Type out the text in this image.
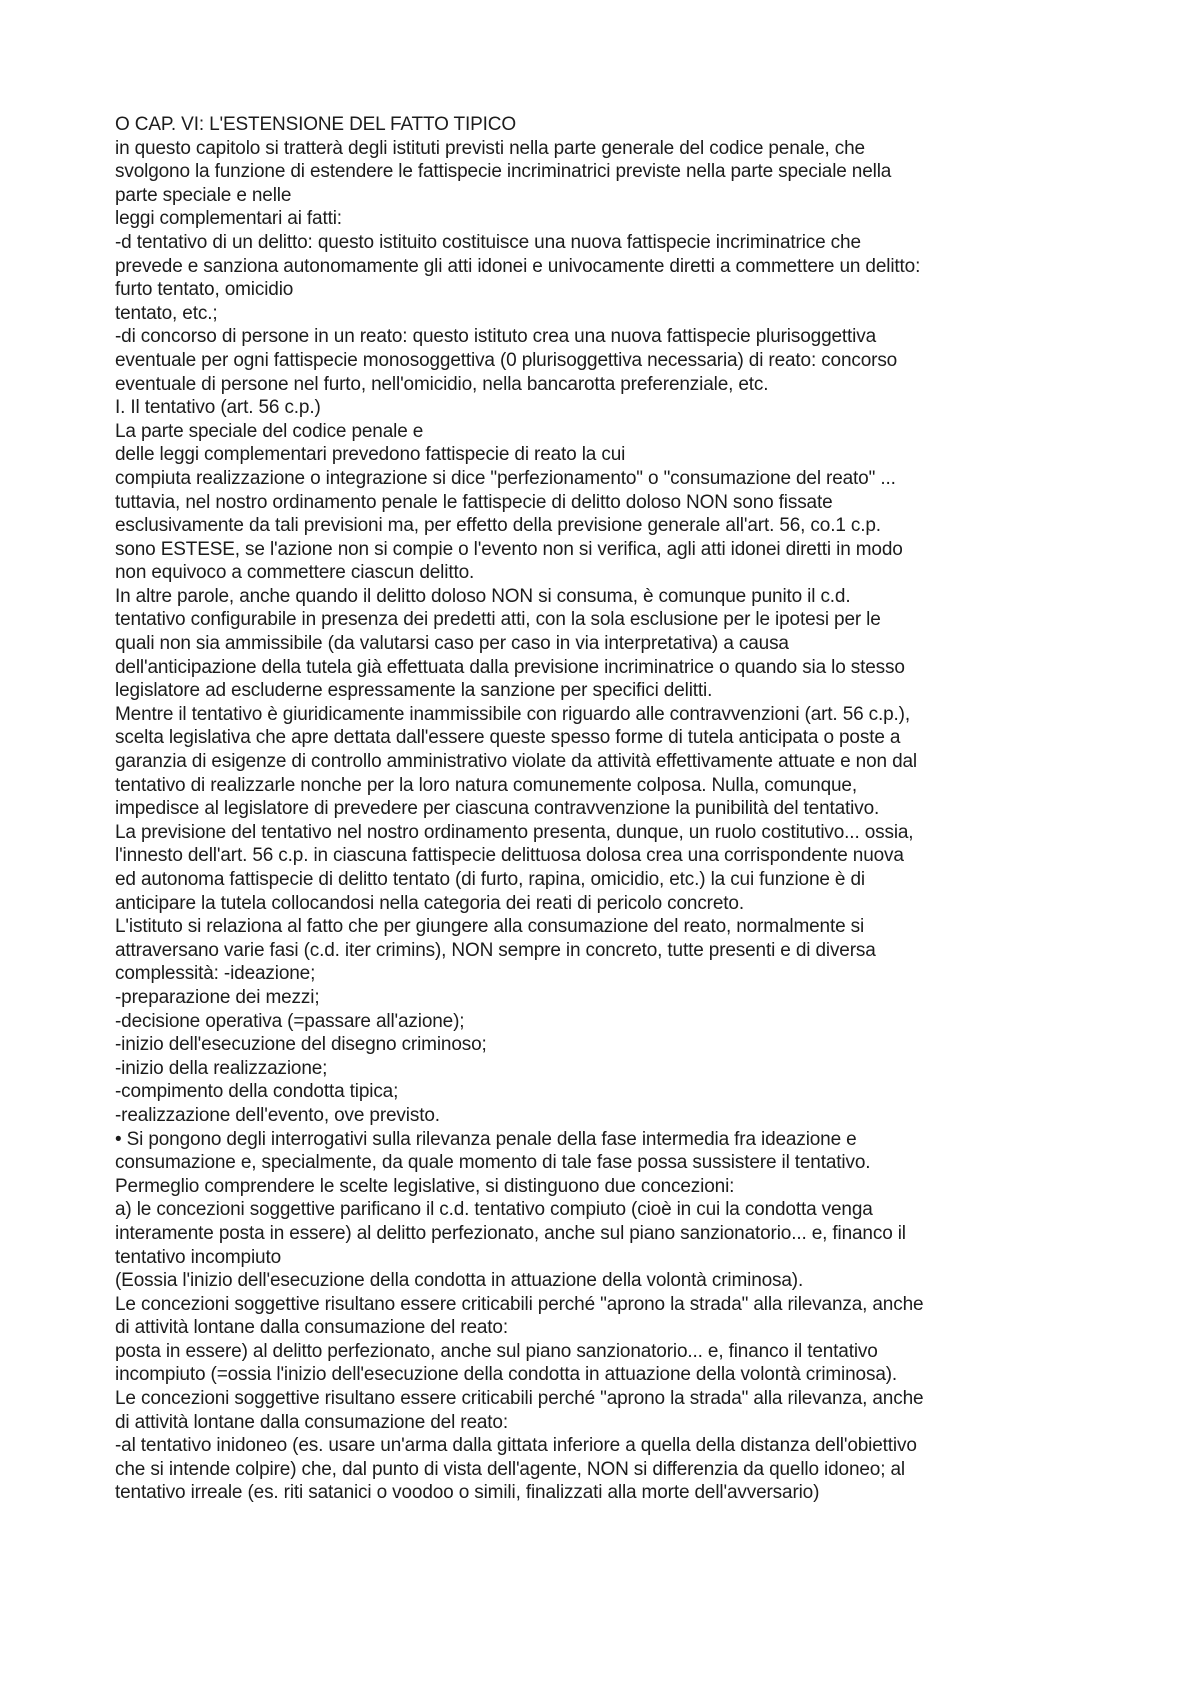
O CAP. VI: L'ESTENSIONE DEL FATTO TIPICO
in questo capitolo si tratterà degli istituti previsti nella parte generale del codice penale, che
svolgono la funzione di estendere le fattispecie incriminatrici previste nella parte speciale nella
parte speciale e nelle
leggi complementari ai fatti:
-d tentativo di un delitto: questo istituito costituisce una nuova fattispecie incriminatrice che
prevede e sanziona autonomamente gli atti idonei e univocamente diretti a commettere un delitto:
furto tentato, omicidio
tentato, etc.;
-di concorso di persone in un reato: questo istituto crea una nuova fattispecie plurisoggettiva
eventuale per ogni fattispecie monosoggettiva (0 plurisoggettiva necessaria) di reato: concorso
eventuale di persone nel furto, nell'omicidio, nella bancarotta preferenziale, etc.
I. Il tentativo (art. 56 c.p.)
La parte speciale del codice penale e
delle leggi complementari prevedono fattispecie di reato la cui
compiuta realizzazione o integrazione si dice "perfezionamento" o "consumazione del reato" ...
tuttavia, nel nostro ordinamento penale le fattispecie di delitto doloso NON sono fissate
esclusivamente da tali previsioni ma, per effetto della previsione generale all'art. 56, co.1 c.p.
sono ESTESE, se l'azione non si compie o l'evento non si verifica, agli atti idonei diretti in modo
non equivoco a commettere ciascun delitto.
In altre parole, anche quando il delitto doloso NON si consuma, è comunque punito il c.d.
tentativo configurabile in presenza dei predetti atti, con la sola esclusione per le ipotesi per le
quali non sia ammissibile (da valutarsi caso per caso in via interpretativa) a causa
dell'anticipazione della tutela già effettuata dalla previsione incriminatrice o quando sia lo stesso
legislatore ad escluderne espressamente la sanzione per specifici delitti.
Mentre il tentativo è giuridicamente inammissibile con riguardo alle contravvenzioni (art. 56 c.p.),
scelta legislativa che apre dettata dall'essere queste spesso forme di tutela anticipata o poste a
garanzia di esigenze di controllo amministrativo violate da attività effettivamente attuate e non dal
tentativo di realizzarle nonche per la loro natura comunemente colposa. Nulla, comunque,
impedisce al legislatore di prevedere per ciascuna contravvenzione la punibilità del tentativo.
La previsione del tentativo nel nostro ordinamento presenta, dunque, un ruolo costitutivo... ossia,
l'innesto dell'art. 56 c.p. in ciascuna fattispecie delittuosa dolosa crea una corrispondente nuova
ed autonoma fattispecie di delitto tentato (di furto, rapina, omicidio, etc.) la cui funzione è di
anticipare la tutela collocandosi nella categoria dei reati di pericolo concreto.
L'istituto si relaziona al fatto che per giungere alla consumazione del reato, normalmente si
attraversano varie fasi (c.d. iter crimins), NON sempre in concreto, tutte presenti e di diversa
complessità: -ideazione;
-preparazione dei mezzi;
-decisione operativa (=passare all'azione);
-inizio dell'esecuzione del disegno criminoso;
-inizio della realizzazione;
-compimento della condotta tipica;
-realizzazione dell'evento, ove previsto.
• Si pongono degli interrogativi sulla rilevanza penale della fase intermedia fra ideazione e
consumazione e, specialmente, da quale momento di tale fase possa sussistere il tentativo.
Permeglio comprendere le scelte legislative, si distinguono due concezioni:
a) le concezioni soggettive parificano il c.d. tentativo compiuto (cioè in cui la condotta venga
interamente posta in essere) al delitto perfezionato, anche sul piano sanzionatorio... e, financo il
tentativo incompiuto
(Eossia l'inizio dell'esecuzione della condotta in attuazione della volontà criminosa).
Le concezioni soggettive risultano essere criticabili perché "aprono la strada" alla rilevanza, anche
di attività lontane dalla consumazione del reato:
posta in essere) al delitto perfezionato, anche sul piano sanzionatorio... e, financo il tentativo
incompiuto (=ossia l'inizio dell'esecuzione della condotta in attuazione della volontà criminosa).
Le concezioni soggettive risultano essere criticabili perché "aprono la strada" alla rilevanza, anche
di attività lontane dalla consumazione del reato:
-al tentativo inidoneo (es. usare un'arma dalla gittata inferiore a quella della distanza dell'obiettivo
che si intende colpire) che, dal punto di vista dell'agente, NON si differenzia da quello idoneo; al
tentativo irreale (es. riti satanici o voodoo o simili, finalizzati alla morte dell'avversario)
